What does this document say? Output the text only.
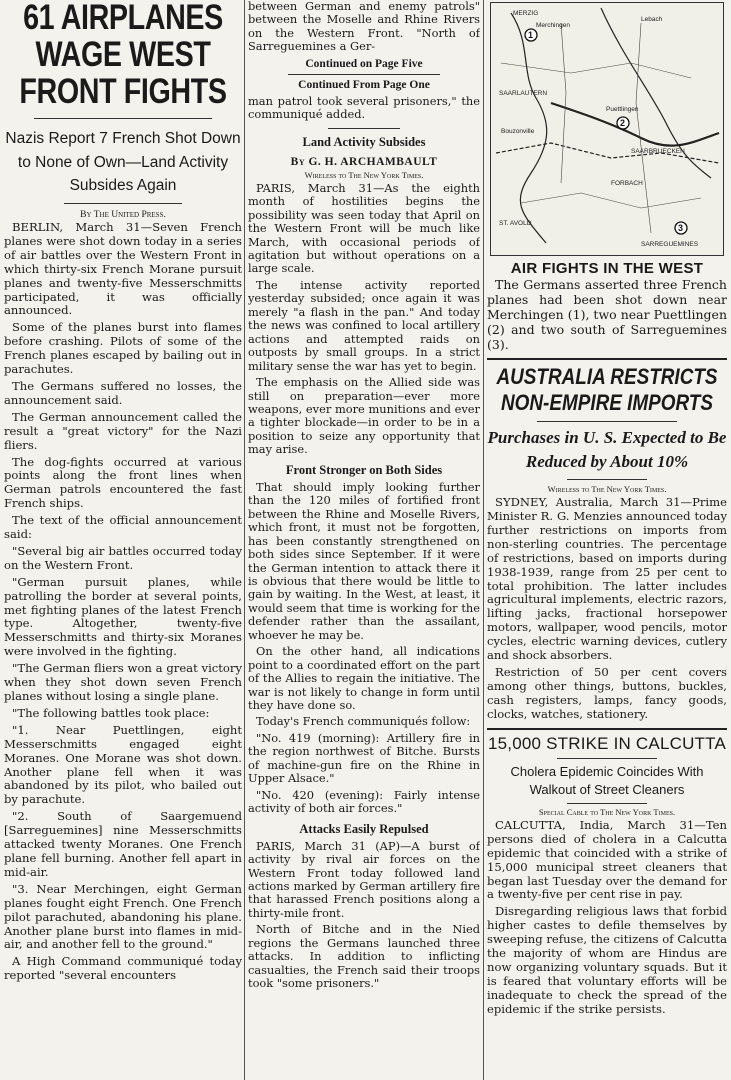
61 AIRPLANES WAGE WEST FRONT FIGHTS
Nazis Report 7 French Shot Down to None of Own—Land Activity Subsides Again
By The United Press.

BERLIN, March 31—Seven French planes were shot down today in a series of air battles over the Western Front in which thirty-six French Morane pursuit planes and twenty-five Messerschmitts participated, it was officially announced.

Some of the planes burst into flames before crashing. Pilots of some of the French planes escaped by bailing out in parachutes.

The Germans suffered no losses, the announcement said.

The German announcement called the result a "great victory" for the Nazi fliers.

The dog-fights occurred at various points along the front lines when German patrols encountered the fast French ships.

The text of the official announcement said:

"Several big air battles occurred today on the Western Front.

"German pursuit planes, while patrolling the border at several points, met fighting planes of the latest French type. Altogether, twenty-five Messerschmitts and thirty-six Moranes were involved in the fighting.

"The German fliers won a great victory when they shot down seven French planes without losing a single plane.

"The following battles took place:

"1. Near Puettlingen, eight Messerschmitts engaged eight Moranes. One Morane was shot down. Another plane fell when it was abandoned by its pilot, who bailed out by parachute.

"2. South of Saargemuend [Sarreguemines] nine Messerschmitts attacked twenty Moranes. One French plane fell burning. Another fell apart in mid-air.

"3. Near Merchingen, eight German planes fought eight French. One French pilot parachuted, abandoning his plane. Another plane burst into flames in mid-air, and another fell to the ground."

A High Command communiqué today reported "several encounters

between German and enemy patrols" between the Moselle and Rhine Rivers on the Western Front. "North of Sarreguemines a Ger-

Continued on Page Five
Continued From Page One

man patrol took several prisoners," the communiqué added.

Land Activity Subsides
By G. H. ARCHAMBAULT
Wireless to The New York Times.

PARIS, March 31—As the eighth month of hostilities begins the possibility was seen today that April on the Western Front will be much like March, with occasional periods of agitation but without operations on a large scale.

The intense activity reported yesterday subsided; once again it was merely "a flash in the pan." And today the news was confined to local artillery actions and attempted raids on outposts by small groups. In a strict military sense the war has yet to begin.

The emphasis on the Allied side was still on preparation—ever more weapons, ever more munitions and ever a tighter blockade—in order to be in a position to seize any opportunity that may arise.

Front Stronger on Both Sides

That should imply looking further than the 120 miles of fortified front between the Rhine and Moselle Rivers, which front, it must not be forgotten, has been constantly strengthened on both sides since September. If it were the German intention to attack there it is obvious that there would be little to gain by waiting. In the West, at least, it would seem that time is working for the defender rather than the assailant, whoever he may be.

On the other hand, all indications point to a coordinated effort on the part of the Allies to regain the initiative. The war is not likely to change in form until they have done so.

Today's French communiqués follow:

"No. 419 (morning): Artillery fire in the region northwest of Bitche. Bursts of machine-gun fire on the Rhine in Upper Alsace."

"No. 420 (evening): Fairly intense activity of both air forces."

Attacks Easily Repulsed

PARIS, March 31 (AP)—A burst of activity by rival air forces on the Western Front today followed land actions marked by German artillery fire that harassed French positions along a thirty-mile front.

North of Bitche and in the Nied regions the Germans launched three attacks. In addition to inflicting casualties, the French said their troops took "some prisoners."

1
2
3
MERZIG
Merchingen
Lebach
SAARLAUTERN
Puettlingen
SAARBRUECKEN
FORBACH
ST. AVOLD
SARREGUEMINES
Bouzonville
AIR FIGHTS IN THE WEST

The Germans asserted three French planes had been shot down near Merchingen (1), two near Puettlingen (2) and two south of Sarreguemines (3).

AUSTRALIA RESTRICTS NON-EMPIRE IMPORTS
Purchases in U. S. Expected to Be Reduced by About 10%
Wireless to The New York Times.

SYDNEY, Australia, March 31—Prime Minister R. G. Menzies announced today further restrictions on imports from non-sterling countries. The percentage of restrictions, based on imports during 1938-1939, range from 25 per cent to total prohibition. The latter includes agricultural implements, electric razors, lifting jacks, fractional horsepower motors, wallpaper, wood pencils, motor cycles, electric warning devices, cutlery and shock absorbers.

Restriction of 50 per cent covers among other things, buttons, buckles, cash registers, lamps, fancy goods, clocks, watches, stationery.

15,000 STRIKE IN CALCUTTA
Cholera Epidemic Coincides With Walkout of Street Cleaners
Special Cable to The New York Times.

CALCUTTA, India, March 31—Ten persons died of cholera in a Calcutta epidemic that coincided with a strike of 15,000 municipal street cleaners that began last Tuesday over the demand for a twenty-five per cent rise in pay.

Disregarding religious laws that forbid higher castes to defile themselves by sweeping refuse, the citizens of Calcutta the majority of whom are Hindus are now organizing voluntary squads. But it is feared that voluntary efforts will be inadequate to check the spread of the epidemic if the strike persists.
